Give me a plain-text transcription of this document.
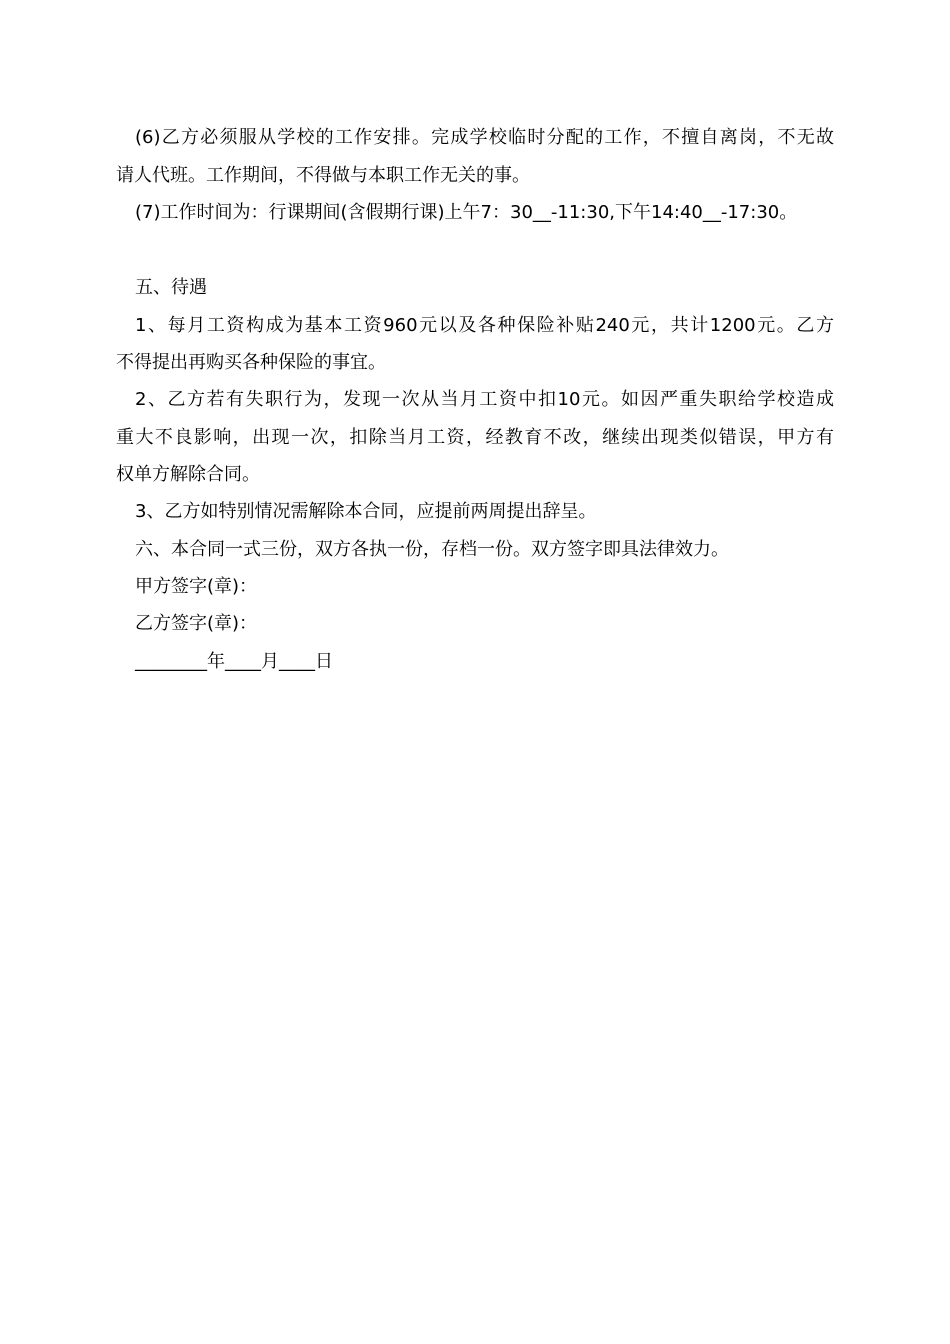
(6)乙方必须服从学校的工作安排。完成学校临时分配的工作，不擅自离岗，不无故
请人代班。工作期间，不得做与本职工作无关的事。
(7)工作时间为：行课期间(含假期行课)上午7：30__-11:30,下午14:40__-17:30。
五、待遇
1、每月工资构成为基本工资960元以及各种保险补贴240元，共计1200元。乙方
不得提出再购买各种保险的事宜。
2、乙方若有失职行为，发现一次从当月工资中扣10元。如因严重失职给学校造成
重大不良影响，出现一次，扣除当月工资，经教育不改，继续出现类似错误，甲方有
权单方解除合同。
3、乙方如特别情况需解除本合同，应提前两周提出辞呈。
六、本合同一式三份，双方各执一份，存档一份。双方签字即具法律效力。
甲方签字(章)：
乙方签字(章)：
________年____月____日
